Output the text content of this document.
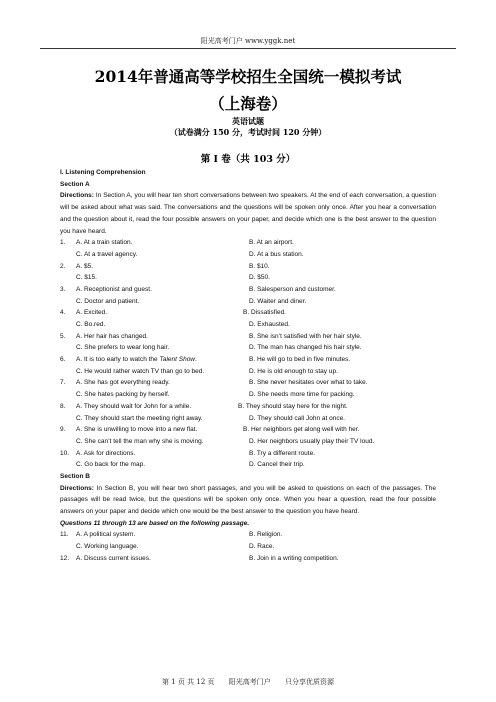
阳光高考门户 www.yggk.net
2014年普通高等学校招生全国统一模拟考试
（上海卷）
英语试题
（试卷满分 150 分，考试时间 120 分钟）
第 I 卷（共 103 分）

I. Listening Comprehension

Section A

Directions: In Section A, you will hear ten short conversations between two speakers. At the end of each conversation, a question will be asked about what was said. The conversations and the questions will be spoken only once. After you hear a conversation and the question about it, read the four possible answers on your paper, and decide which one is the best answer to the question you have heard.

1. A. At a train station.	B. At an airport.
C. At a travel agency.	D. At a bus station.
2. A. $5.	B. $10.
C. $15.	D. $50.
3. A. Receptionist and guest.	B. Salesperson and customer.
C. Doctor and patient.	D. Waiter and diner.
4. A. Excited.	B. Dissatisfied.
C. Bo.red.	D. Exhausted.
5. A. Her hair has changed.	B. She isn’t satisfied with her hair style.
C. She prefers to wear long hair.	D. The man has changed his hair style.
6. A. It is too early to watch the Talent Show.	B. He will go to bed in five minutes.
C. He would rather watch TV than go to bed.	D. He is old enough to stay up.
7. A. She has got everything ready.	B. She never hesitates over what to take.
C. She hates packing by herself.	D. She needs more time for packing.
8. A. They should wait for John for a while.	B. They should stay here for the night.
C. They should start the meeting right away.	D. They should call John at once.
9. A. She is unwilling to move into a new flat.	B. Her neighbors get along well with her.
C. She can’t tell the man why she is moving.	D. Her neighbors usually play their TV loud.
10. A. Ask for directions.	B. Try a different route.
C. Go back for the map.	D. Cancel their trip.

Section B

Directions: In Section B, you will hear two short passages, and you will be asked to questions on each of the passages. The passages will be read twice, but the questions will be spoken only once. When you hear a question, read the four possible answers on your paper and decide which one would be the best answer to the question you have heard.

Questions 11 through 13 are based on the following passage.

11. A. A political system.	B. Religion.
C. Working language.	D. Race.
12. A. Discuss current issues.	B. Join in a writing competition.
第 1 页 共 12 页 阳光高考门户 只分享优质资源
